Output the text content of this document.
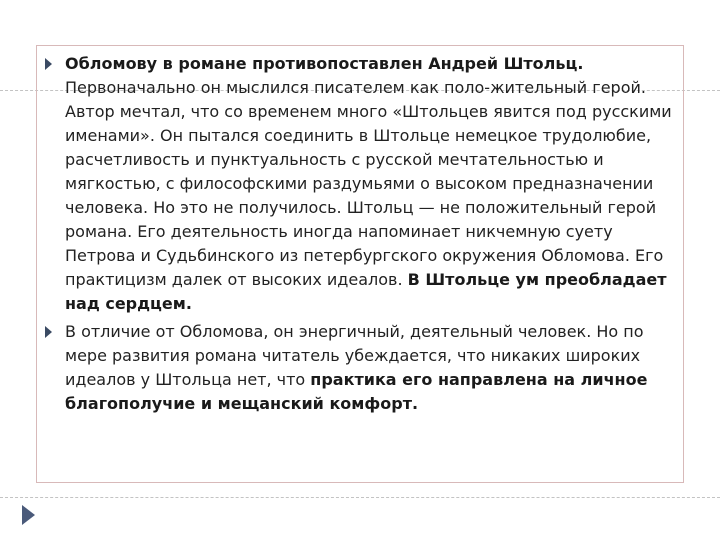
Обломову в романе противопоставлен Андрей Штольц. Первоначально он мыслился писателем как поло-жительный герой. Автор мечтал, что со временем много «Штольцев явится под русскими именами». Он пытался соединить в Штольце немецкое трудолюбие, расчетливость и пунктуальность с русской мечтательностью и мягкостью, с философскими раздумьями о высоком предназначении человека. Но это не получилось. Штольц — не положительный герой романа. Его деятельность иногда напоминает никчемную суету Петрова и Судьбинского из петербургского окружения Обломова. Его практицизм далек от высоких идеалов. В Штольце ум преобладает над сердцем.
В отличие от Обломова, он энергичный, деятельный человек. Но по мере развития романа читатель убеждается, что никаких широких идеалов у Штольца нет, что практика его направлена на личное благополучие и мещанский комфорт.
